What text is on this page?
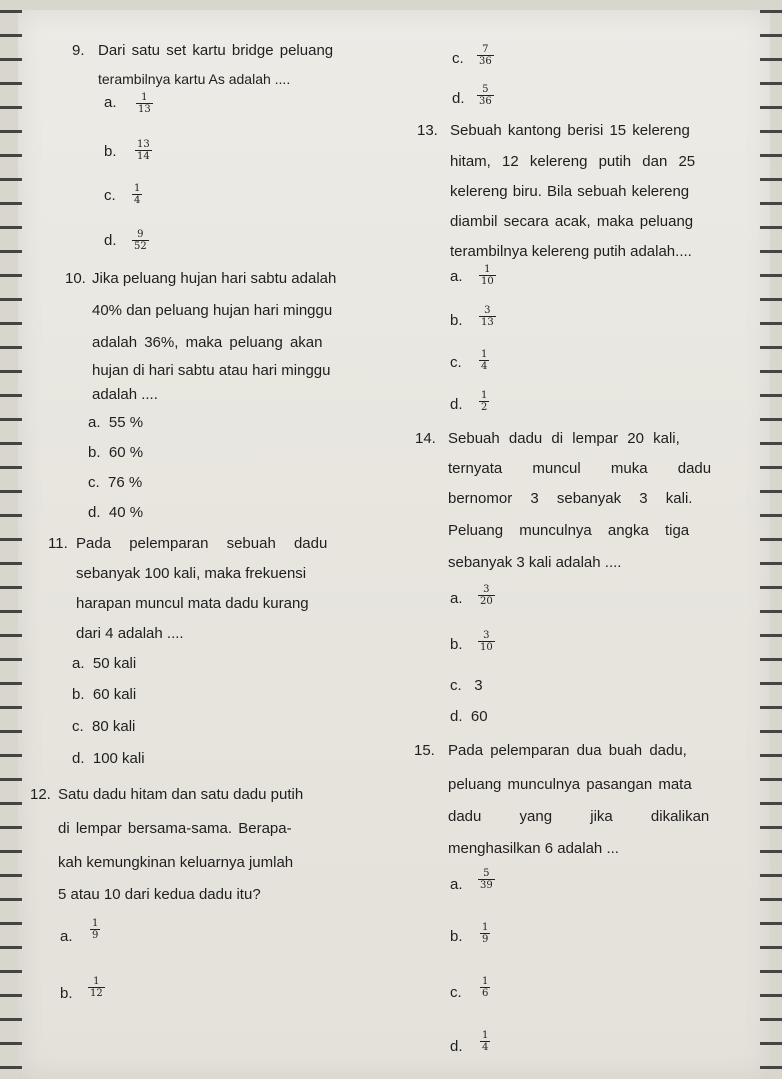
9. Dari satu set kartu bridge peluang
terambilnya kartu As adalah ....
a. $\frac{1}{13}$
b. $\frac{13}{14}$
c. $\frac{1}{4}$
d. $\frac{9}{52}$
c. $\frac{7}{36}$
d. $\frac{5}{36}$
13. Sebuah kantong berisi 15 kelereng
hitam, 12 kelereng putih dan 25
kelereng biru. Bila sebuah kelereng
diambil secara acak, maka peluang
terambilnya kelereng putih adalah....
a. $\frac{1}{10}$
b. $\frac{3}{13}$
c. $\frac{1}{4}$
d. $\frac{1}{2}$
10. Jika peluang hujan hari sabtu adalah
40% dan peluang hujan hari minggu
adalah 36%, maka peluang akan
hujan di hari sabtu atau hari minggu
adalah ....
a. 55 %
b. 60 %
c. 76 %
d. 40 %
14. Sebuah dadu di lempar 20 kali,
ternyata muncul muka dadu
bernomor 3 sebanyak 3 kali.
Peluang munculnya angka tiga
sebanyak 3 kali adalah ....
a. $\frac{3}{20}$
b. $\frac{3}{10}$
c. 3
d. 60
11. Pada pelemparan sebuah dadu
sebanyak 100 kali, maka frekuensi
harapan muncul mata dadu kurang
dari 4 adalah ....
a. 50 kali
b. 60 kali
c. 80 kali
d. 100 kali	15. Pada pelemparan dua buah dadu,
peluang munculnya pasangan mata
dadu yang jika dikalikan
menghasilkan 6 adalah ...
a. $\frac{5}{39}$
b. $\frac{1}{9}$
c. $\frac{1}{6}$
d. $\frac{1}{4}$
12. Satu dadu hitam dan satu dadu putih
di lempar bersama-sama. Berapa-
kah kemungkinan keluarnya jumlah
5 atau 10 dari kedua dadu itu?
a. $\frac{1}{9}$
b. $\frac{1}{12}$
